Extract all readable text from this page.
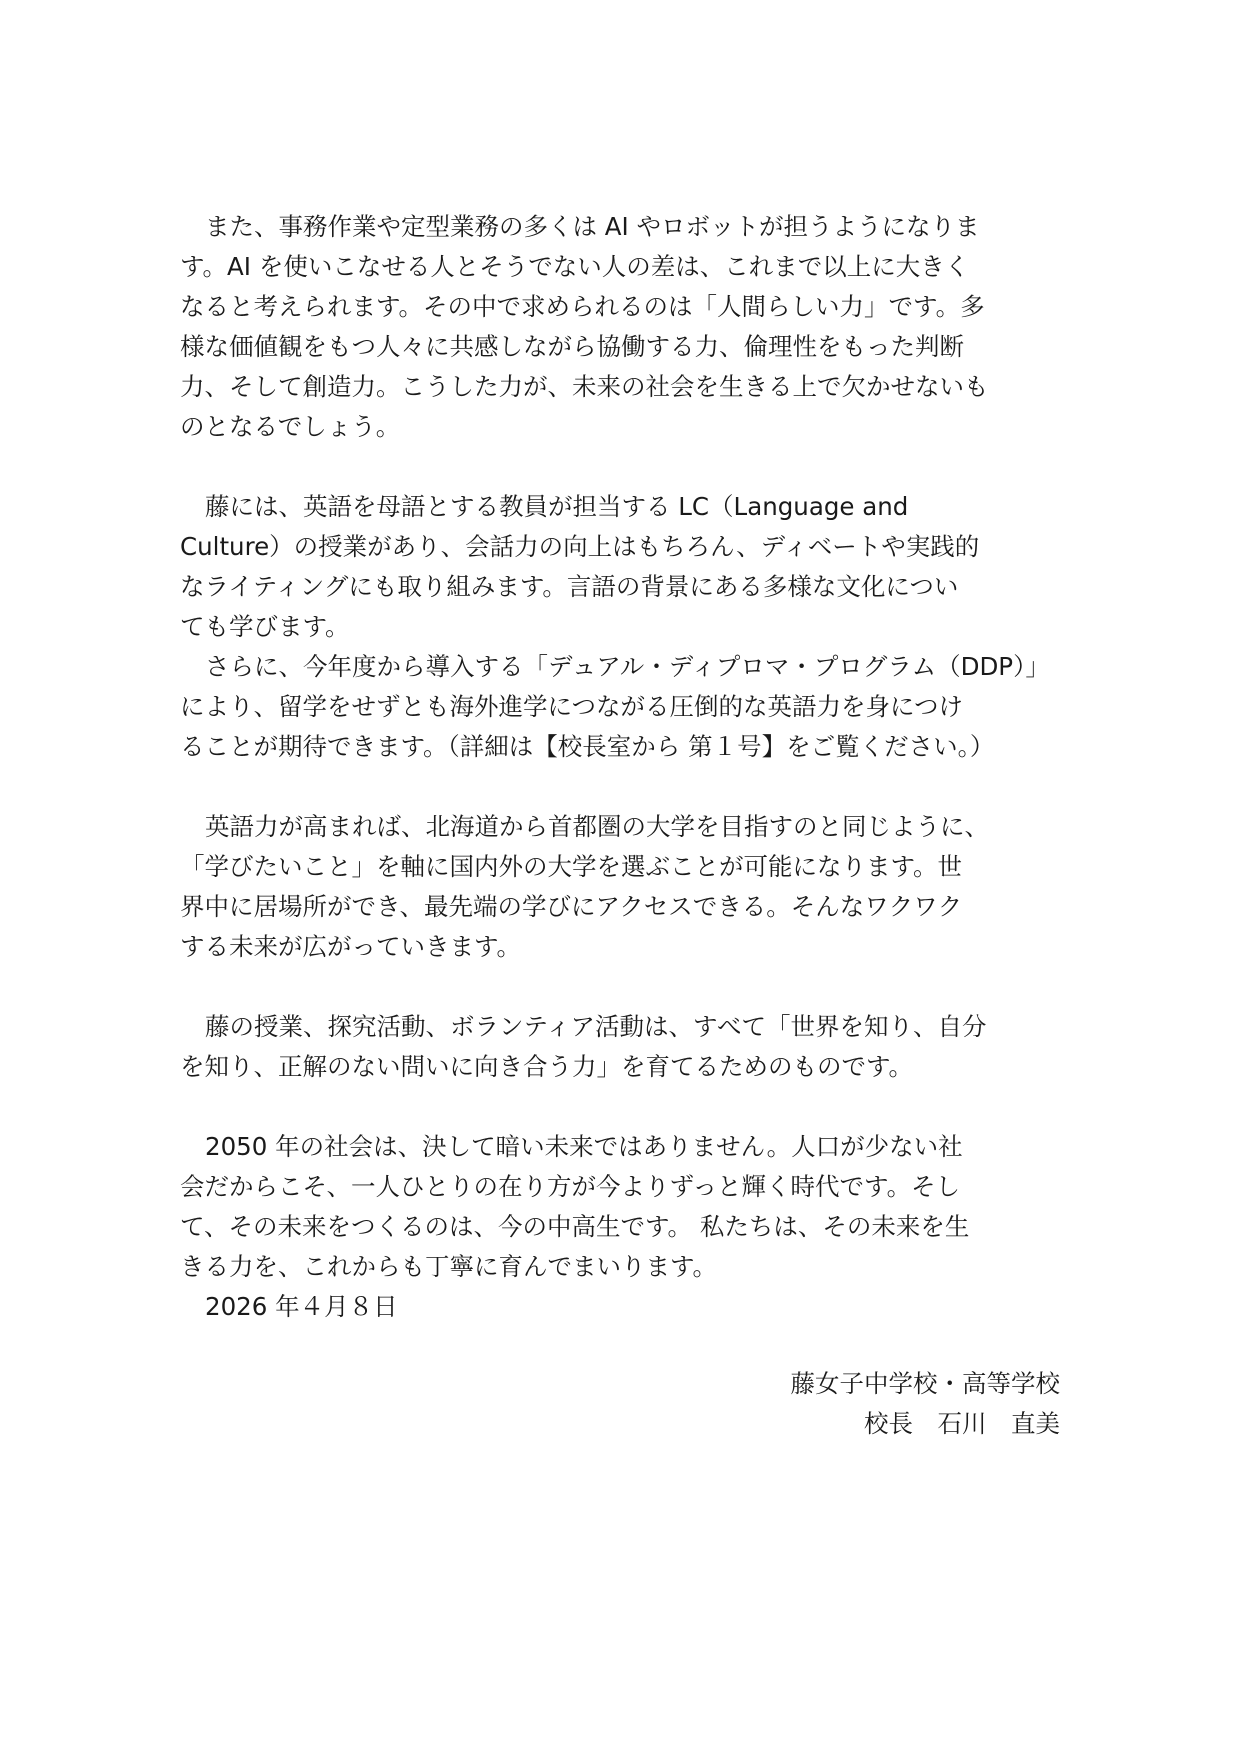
また、事務作業や定型業務の多くは AI やロボットが担うようになりま
す。AI を使いこなせる人とそうでない人の差は、これまで以上に大きく
なると考えられます。その中で求められるのは「人間らしい力」です。多
様な価値観をもつ人々に共感しながら協働する力、倫理性をもった判断
力、そして創造力。こうした力が、未来の社会を生きる上で欠かせないも
のとなるでしょう。
藤には、英語を母語とする教員が担当する LC（Language and
Culture）の授業があり、会話力の向上はもちろん、ディベートや実践的
なライティングにも取り組みます。言語の背景にある多様な文化につい
ても学びます。
さらに、今年度から導入する「デュアル・ディプロマ・プログラム（DDP）」
により、留学をせずとも海外進学につながる圧倒的な英語力を身につけ
ることが期待できます。（詳細は【校長室から 第１号】をご覧ください。）
英語力が高まれば、北海道から首都圏の大学を目指すのと同じように、
「学びたいこと」を軸に国内外の大学を選ぶことが可能になります。世
界中に居場所ができ、最先端の学びにアクセスできる。そんなワクワク
する未来が広がっていきます。
藤の授業、探究活動、ボランティア活動は、すべて「世界を知り、自分
を知り、正解のない問いに向き合う力」を育てるためのものです。
2050 年の社会は、決して暗い未来ではありません。人口が少ない社
会だからこそ、一人ひとりの在り方が今よりずっと輝く時代です。そし
て、その未来をつくるのは、今の中高生です。 私たちは、その未来を生
きる力を、これからも丁寧に育んでまいります。
2026 年４月８日
藤女子中学校・高等学校
校長　石川　直美
